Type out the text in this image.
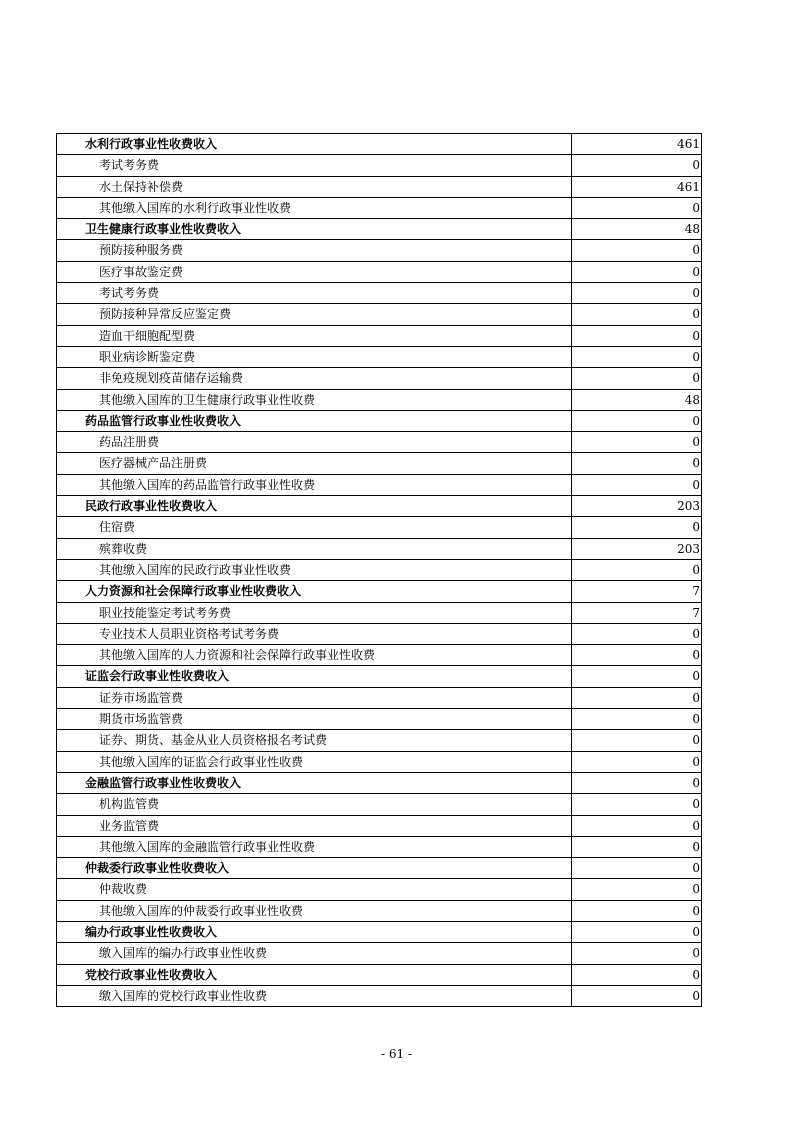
水利行政事业性收费收入	461
考试考务费	0
水土保持补偿费	461
其他缴入国库的水利行政事业性收费	0
卫生健康行政事业性收费收入	48
预防接种服务费	0
医疗事故鉴定费	0
考试考务费	0
预防接种异常反应鉴定费	0
造血干细胞配型费	0
职业病诊断鉴定费	0
非免疫规划疫苗储存运输费	0
其他缴入国库的卫生健康行政事业性收费	48
药品监管行政事业性收费收入	0
药品注册费	0
医疗器械产品注册费	0
其他缴入国库的药品监管行政事业性收费	0
民政行政事业性收费收入	203
住宿费	0
殡葬收费	203
其他缴入国库的民政行政事业性收费	0
人力资源和社会保障行政事业性收费收入	7
职业技能鉴定考试考务费	7
专业技术人员职业资格考试考务费	0
其他缴入国库的人力资源和社会保障行政事业性收费	0
证监会行政事业性收费收入	0
证券市场监管费	0
期货市场监管费	0
证券、期货、基金从业人员资格报名考试费	0
其他缴入国库的证监会行政事业性收费	0
金融监管行政事业性收费收入	0
机构监管费	0
业务监管费	0
其他缴入国库的金融监管行政事业性收费	0
仲裁委行政事业性收费收入	0
仲裁收费	0
其他缴入国库的仲裁委行政事业性收费	0
编办行政事业性收费收入	0
缴入国库的编办行政事业性收费	0
党校行政事业性收费收入	0
缴入国库的党校行政事业性收费	0
- 61 -
